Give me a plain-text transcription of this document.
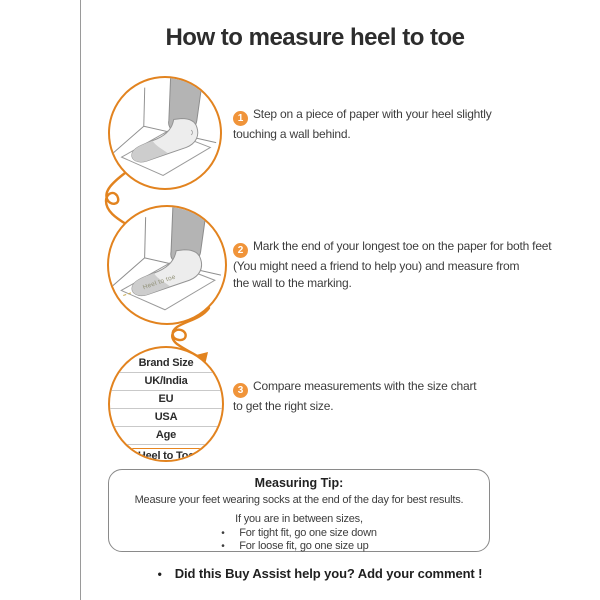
How to measure heel to toe
Heel to toe
Brand Size
UK/India
EU
USA
Age
Heel to Toe
1 Step on a piece of paper with your heel slightly
touching a wall behind.
2 Mark the end of your longest toe on the paper for both feet
(You might need a friend to help you) and measure from
the wall to the marking.
3 Compare measurements with the size chart
to get the right size.
Measuring Tip:
Measure your feet wearing socks at the end of the day for best results.
If you are in between sizes,
• For tight fit, go one size down
• For loose fit, go one size up
• Did this Buy Assist help you? Add your comment !
